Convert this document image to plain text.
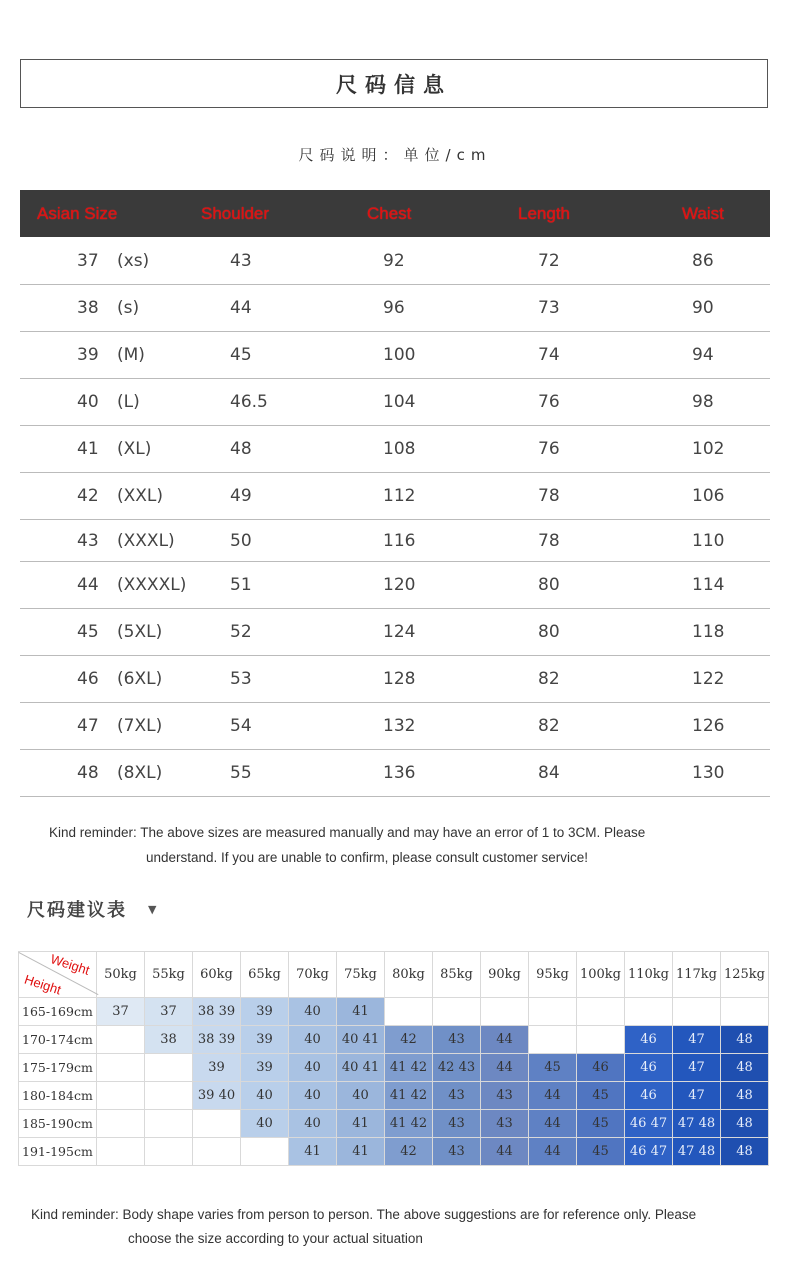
尺码信息
尺码说明：单位/cm
Asian Size	Shoulder	Chest	Length	Waist
37 (xs)	43	92	72	86
38 (s)	44	96	73	90
39 (M)	45	100	74	94
40 (L)	46.5	104	76	98
41 (XL)	48	108	76	102
42 (XXL)	49	112	78	106
43 (XXXL)	50	116	78	110
44 (XXXXL)	51	120	80	114
45 (5XL)	52	124	80	118
46 (6XL)	53	128	82	122
47 (7XL)	54	132	82	126
48 (8XL)	55	136	84	130
Kind reminder: The above sizes are measured manually and may have an error of 1 to 3CM. Please
understand. If you are unable to confirm, please consult customer service!
尺码建议表 ▼
Weight
Height	50kg	55kg	60kg	65kg	70kg	75kg	80kg	85kg	90kg	95kg	100kg	110kg	117kg	125kg
165-169cm	37	37	38 39	39	40	41								
170-174cm		38	38 39	39	40	40 41	42	43	44			46	47	48
175-179cm			39	39	40	40 41	41 42	42 43	44	45	46	46	47	48
180-184cm			39 40	40	40	40	41 42	43	43	44	45	46	47	48
185-190cm				40	40	41	41 42	43	43	44	45	46 47	47 48	48
191-195cm					41	41	42	43	44	44	45	46 47	47 48	48
Kind reminder: Body shape varies from person to person. The above suggestions are for reference only. Please
choose the size according to your actual situation
